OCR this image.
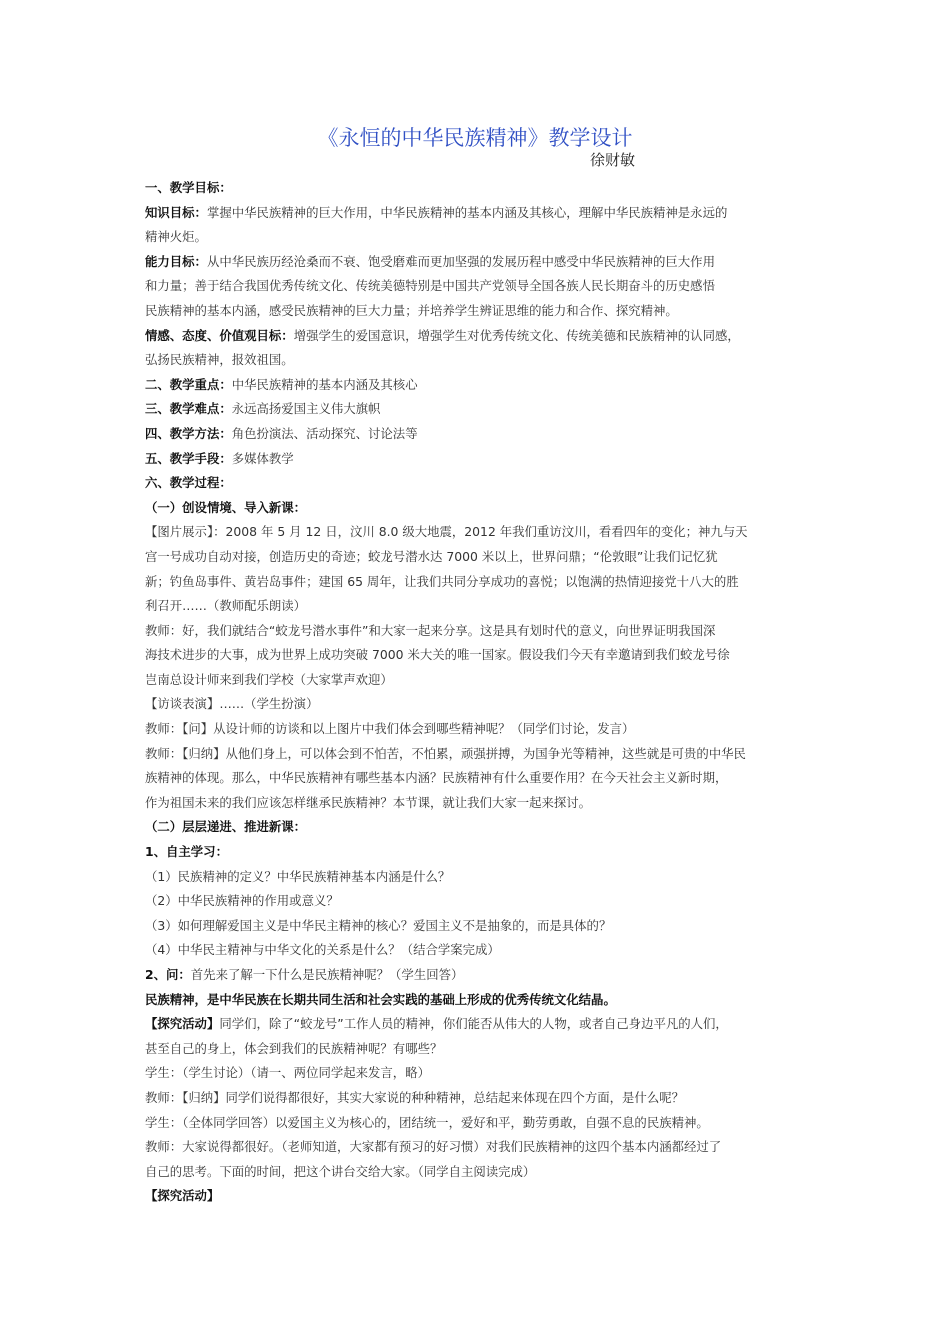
《永恒的中华民族精神》教学设计
徐财敏
一、教学目标：
知识目标：掌握中华民族精神的巨大作用，中华民族精神的基本内涵及其核心，理解中华民族精神是永远的
精神火炬。
能力目标：从中华民族历经沧桑而不衰、饱受磨难而更加坚强的发展历程中感受中华民族精神的巨大作用
和力量；善于结合我国优秀传统文化、传统美德特别是中国共产党领导全国各族人民长期奋斗的历史感悟
民族精神的基本内涵，感受民族精神的巨大力量；并培养学生辨证思维的能力和合作、探究精神。
情感、态度、价值观目标：增强学生的爱国意识，增强学生对优秀传统文化、传统美德和民族精神的认同感，
弘扬民族精神，报效祖国。
二、教学重点：中华民族精神的基本内涵及其核心
三、教学难点：永远高扬爱国主义伟大旗帜
四、教学方法：角色扮演法、活动探究、讨论法等
五、教学手段：多媒体教学
六、教学过程：
（一）创设情境、导入新课：
【图片展示】：2008 年 5 月 12 日，汶川 8.0 级大地震，2012 年我们重访汶川，看看四年的变化；神九与天
宫一号成功自动对接，创造历史的奇迹；蛟龙号潜水达 7000 米以上，世界问鼎；“伦敦眼”让我们记忆犹
新；钓鱼岛事件、黄岩岛事件；建国 65 周年，让我们共同分享成功的喜悦；以饱满的热情迎接党十八大的胜
利召开……（教师配乐朗读）
教师：好，我们就结合“蛟龙号潜水事件”和大家一起来分享。这是具有划时代的意义，向世界证明我国深
海技术进步的大事，成为世界上成功突破 7000 米大关的唯一国家。假设我们今天有幸邀请到我们蛟龙号徐
岂南总设计师来到我们学校（大家掌声欢迎）
【访谈表演】……（学生扮演）
教师：【问】从设计师的访谈和以上图片中我们体会到哪些精神呢？（同学们讨论，发言）
教师：【归纳】从他们身上，可以体会到不怕苦，不怕累，顽强拼搏，为国争光等精神，这些就是可贵的中华民
族精神的体现。那么，中华民族精神有哪些基本内涵？民族精神有什么重要作用？在今天社会主义新时期，
作为祖国未来的我们应该怎样继承民族精神？本节课，就让我们大家一起来探讨。
（二）层层递进、推进新课：
1、自主学习：
（1）民族精神的定义？中华民族精神基本内涵是什么？
（2）中华民族精神的作用或意义？
（3）如何理解爱国主义是中华民主精神的核心？爱国主义不是抽象的，而是具体的？
（4）中华民主精神与中华文化的关系是什么？（结合学案完成）
2、问：首先来了解一下什么是民族精神呢？（学生回答）
民族精神，是中华民族在长期共同生活和社会实践的基础上形成的优秀传统文化结晶。
【探究活动】同学们，除了“蛟龙号”工作人员的精神，你们能否从伟大的人物，或者自己身边平凡的人们，
甚至自己的身上，体会到我们的民族精神呢？有哪些？
学生：（学生讨论）（请一、两位同学起来发言，略）
教师：【归纳】同学们说得都很好，其实大家说的种种精神，总结起来体现在四个方面，是什么呢？
学生：（全体同学回答）以爱国主义为核心的，团结统一，爱好和平，勤劳勇敢，自强不息的民族精神。
教师：大家说得都很好。（老师知道，大家都有预习的好习惯）对我们民族精神的这四个基本内涵都经过了
自己的思考。下面的时间，把这个讲台交给大家。（同学自主阅读完成）
【探究活动】
